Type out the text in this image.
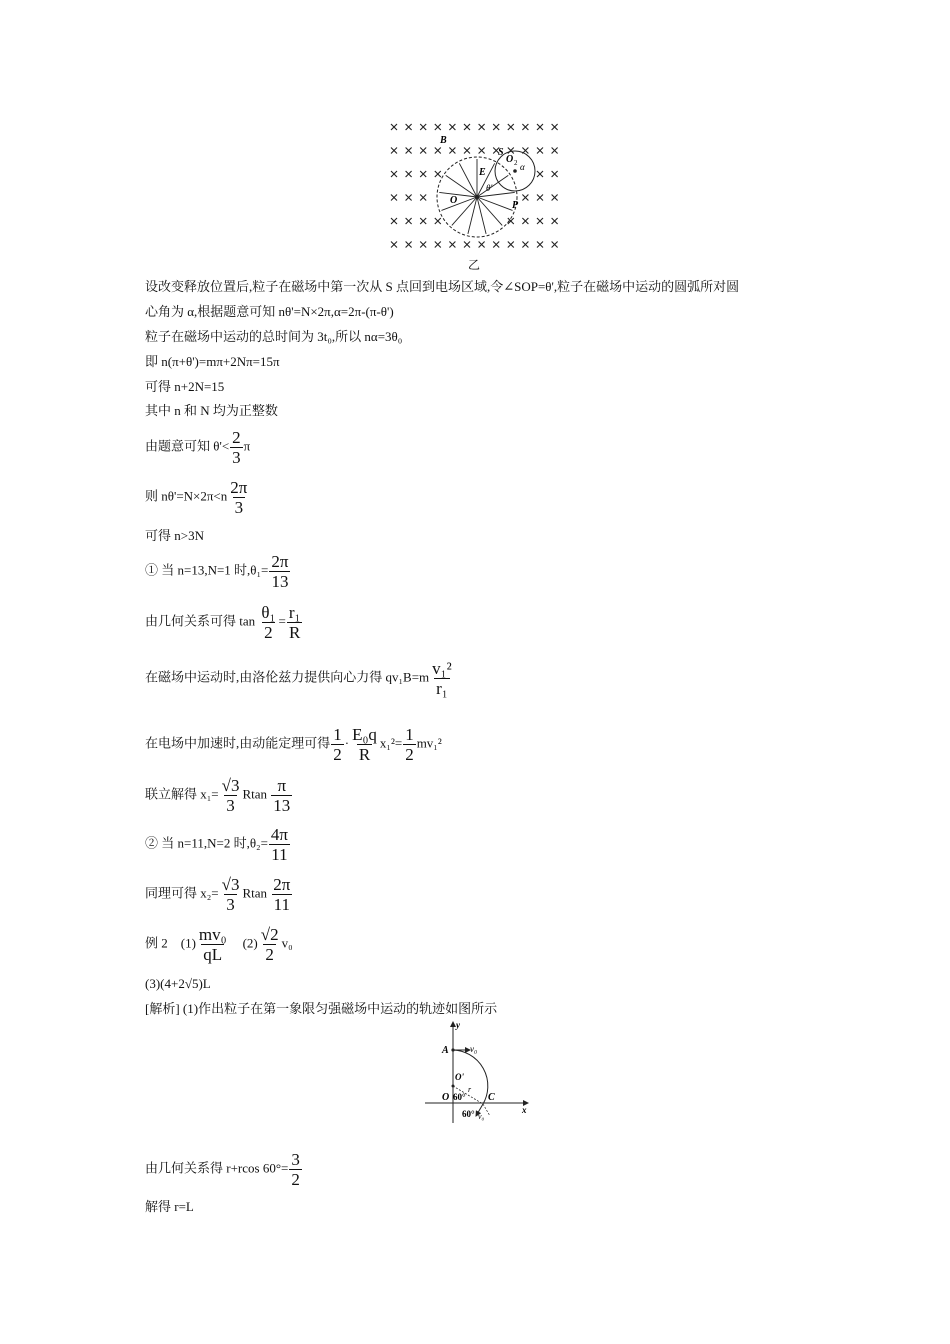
B
S
O 2 α
E
θ'
O	P
乙
设改变释放位置后,粒子在磁场中第一次从 S 点回到电场区域,令∠SOP=θ',粒子在磁场中运动的圆弧所对圆
心角为 α,根据题意可知 nθ'=N×2π,α=2π-(π-θ')
粒子在磁场中运动的总时间为 3t₀,所以 nα=3θ₀
即 n(π+θ')=mπ+2Nπ=15π
可得 n+2N=15
其中 n 和 N 均为正整数
由题意可知 $\theta'< \frac{2}{3}$ π
则 $n\theta'=N\times 2\pi<n \frac{2\pi}{3}$
可得 n>3N
① 当 n=13,N=1 时$,\theta_1= \frac{2\pi}{13}$
由几何关系可得 $\tan \frac{\text{θ₁}}{2} = \frac{\text{r₁}}{R}$
在磁场中运动时,由洛伦兹力提供向心力得 $qv_1B=m \frac{\text{v₁²}}{\text{r₁}}$
在电场中加速时,由动能定理可得 $\frac{1}{2} \cdot \frac{\text{E₀q}}{R} x_1^2= \frac{1}{2} mv_1^2$
联立解得 $x_1= \frac{√3}{3}$ Rtan $\frac{\pi}{13}$
② 当 n=11,N=2 时$,\theta_2= \frac{4\pi}{11}$
同理可得 $x_2= \frac{√3}{3}$ Rtan $\frac{2\pi}{11}$
例 2　$(1) \frac{\text{mv₀}}{qL}$ 　$(2) \frac{√2}{2} v_0$
(3)(4+2√5)L
[解析] (1)作出粒子在第一象限匀强磁场中运动的轨迹如图所示
y
A v₀
O'
r
60°
O	C
x
60° v₀
由几何关系得 r+rcos $60^\circ= \frac{3}{2}$
解得 r=L
